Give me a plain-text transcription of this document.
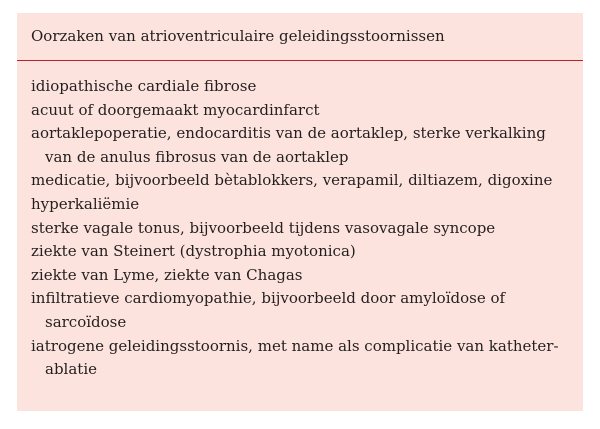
Oorzaken van atrioventriculaire geleidingsstoornissen
idiopathische cardiale fibrose
acuut of doorgemaakt myocardinfarct
aortaklepoperatie, endocarditis van de aortaklep, sterke verkalking van de anulus fibrosus van de aortaklep
medicatie, bijvoorbeeld bètablokkers, verapamil, diltiazem, digoxine
hyperkaliëmie
sterke vagale tonus, bijvoorbeeld tijdens vasovagale syncope
ziekte van Steinert (dystrophia myotonica)
ziekte van Lyme, ziekte van Chagas
infiltratieve cardiomyopathie, bijvoorbeeld door amyloïdose of sarcoïdose
iatrogene geleidingsstoornis, met name als complicatie van katheter-ablatie
